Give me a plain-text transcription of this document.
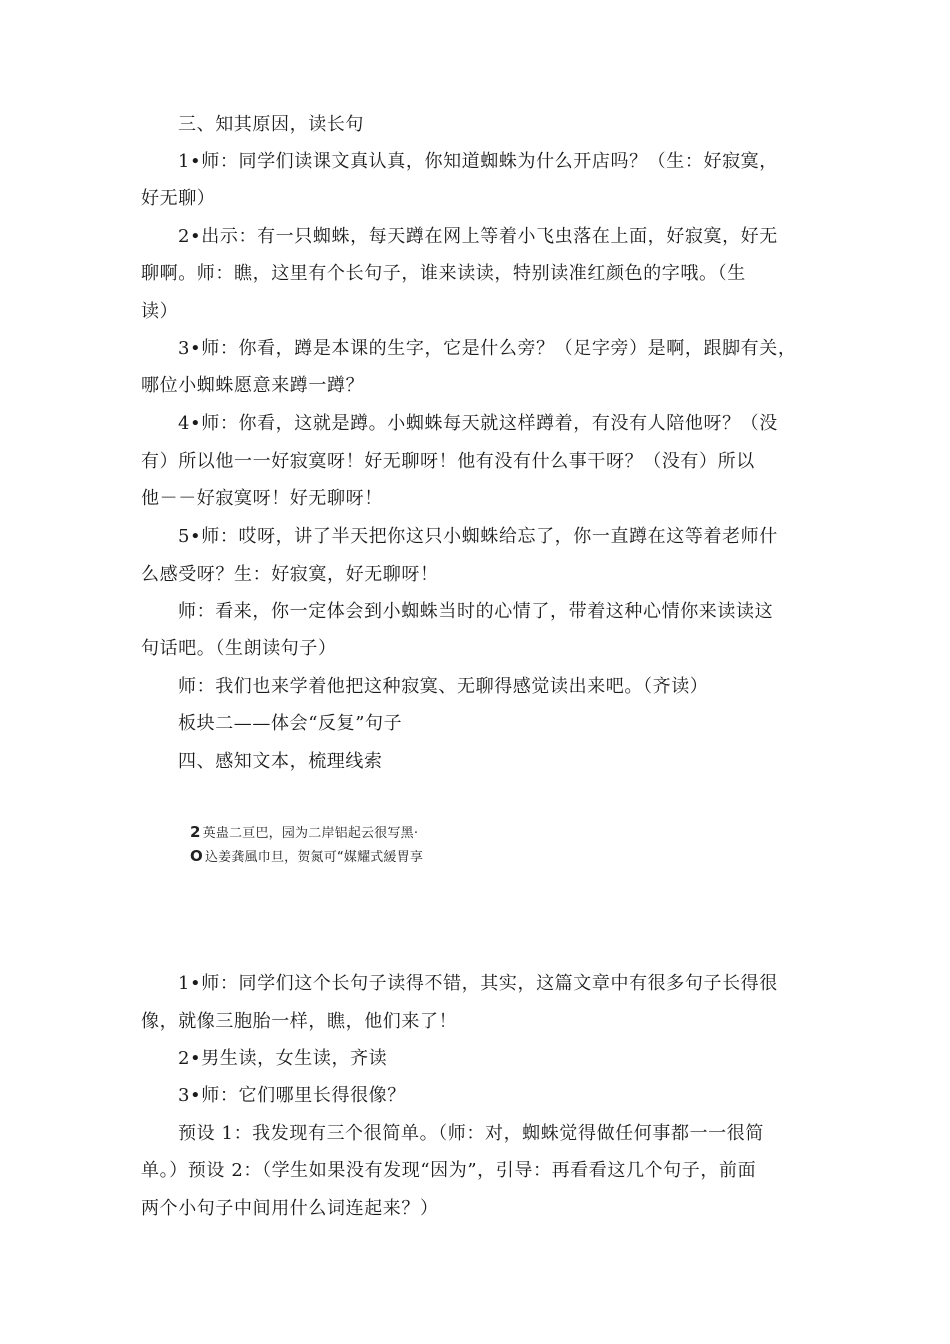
三、知其原因，读长句
1•师：同学们读课文真认真，你知道蜘蛛为什么开店吗？（生：好寂寞，
好无聊）
2•出示：有一只蜘蛛，每天蹲在网上等着小飞虫落在上面，好寂寞，好无
聊啊。师：瞧，这里有个长句子，谁来读读，特别读准红颜色的字哦。（生
读）
3•师：你看，蹲是本课的生字，它是什么旁？（足字旁）是啊，跟脚有关，
哪位小蜘蛛愿意来蹲一蹲？
4•师：你看，这就是蹲。小蜘蛛每天就这样蹲着，有没有人陪他呀？（没
有）所以他一一好寂寞呀！好无聊呀！他有没有什么事干呀？（没有）所以
他－－好寂寞呀！好无聊呀！
5•师：哎呀，讲了半天把你这只小蜘蛛给忘了，你一直蹲在这等着老师什
么感受呀？生：好寂寞，好无聊呀！
师：看来，你一定体会到小蜘蛛当时的心情了，带着这种心情你来读读这
句话吧。（生朗读句子）
师：我们也来学着他把这种寂寞、无聊得感觉读出来吧。（齐读）
板块二——体会“反复”句子
四、感知文本，梳理线索
2 英蛊二亘巴，园为二岸铝起云很写黑·
O 込姜龚風巾旦，贺氮可“媒耀式緩胃享
1•师：同学们这个长句子读得不错，其实，这篇文章中有很多句子长得很
像，就像三胞胎一样，瞧，他们来了！
2•男生读，女生读，齐读
3•师：它们哪里长得很像？
预设 1：我发现有三个很简单。（师：对，蜘蛛觉得做任何事都一一很简
单。）预设 2：（学生如果没有发现“因为”，引导：再看看这几个句子，前面
两个小句子中间用什么词连起来？）
